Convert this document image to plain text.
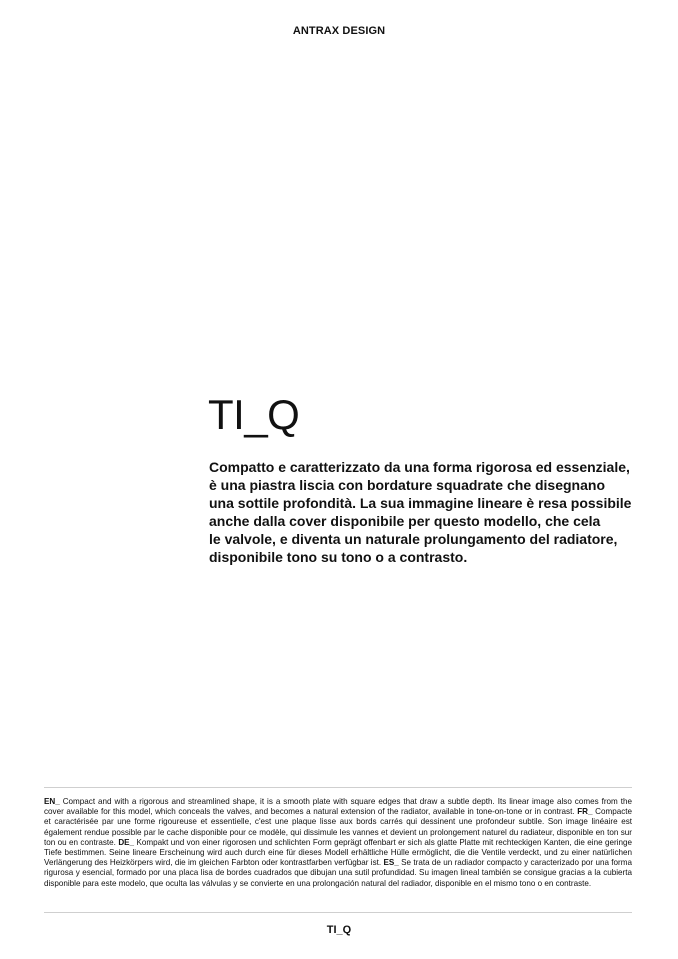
ANTRAX DESIGN
TI_Q

Compatto e caratterizzato da una forma rigorosa ed essenziale,
è una piastra liscia con bordature squadrate che disegnano
una sottile profondità. La sua immagine lineare è resa possibile
anche dalla cover disponibile per questo modello, che cela
le valvole, e diventa un naturale prolungamento del radiatore,
disponibile tono su tono o a contrasto.

EN_ Compact and with a rigorous and streamlined shape, it is a smooth plate with square edges that draw a subtle depth. Its linear image also comes from the cover available for this model, which conceals the valves, and becomes a natural extension of the radiator, available in tone-on-tone or in contrast. FR_ Compacte et caractérisée par une forme rigoureuse et essentielle, c'est une plaque lisse aux bords carrés qui dessinent une profondeur subtile. Son image linéaire est également rendue possible par le cache disponible pour ce modèle, qui dissimule les vannes et devient un prolongement naturel du radiateur, disponible en ton sur ton ou en contraste. DE_ Kompakt und von einer rigorosen und schlichten Form geprägt offenbart er sich als glatte Platte mit rechteckigen Kanten, die eine geringe Tiefe bestimmen. Seine lineare Erscheinung wird auch durch eine für dieses Modell erhältliche Hülle ermöglicht, die die Ventile verdeckt, und zu einer natürlichen Verlängerung des Heizkörpers wird, die im gleichen Farbton oder kontrastfarben verfügbar ist. ES_ Se trata de un radiador compacto y caracterizado por una forma rigurosa y esencial, formado por una placa lisa de bordes cuadrados que dibujan una sutil profundidad. Su imagen lineal también se consigue gracias a la cubierta disponible para este modelo, que oculta las válvulas y se convierte en una prolongación natural del radiador, disponible en el mismo tono o en contraste.

TI_Q
